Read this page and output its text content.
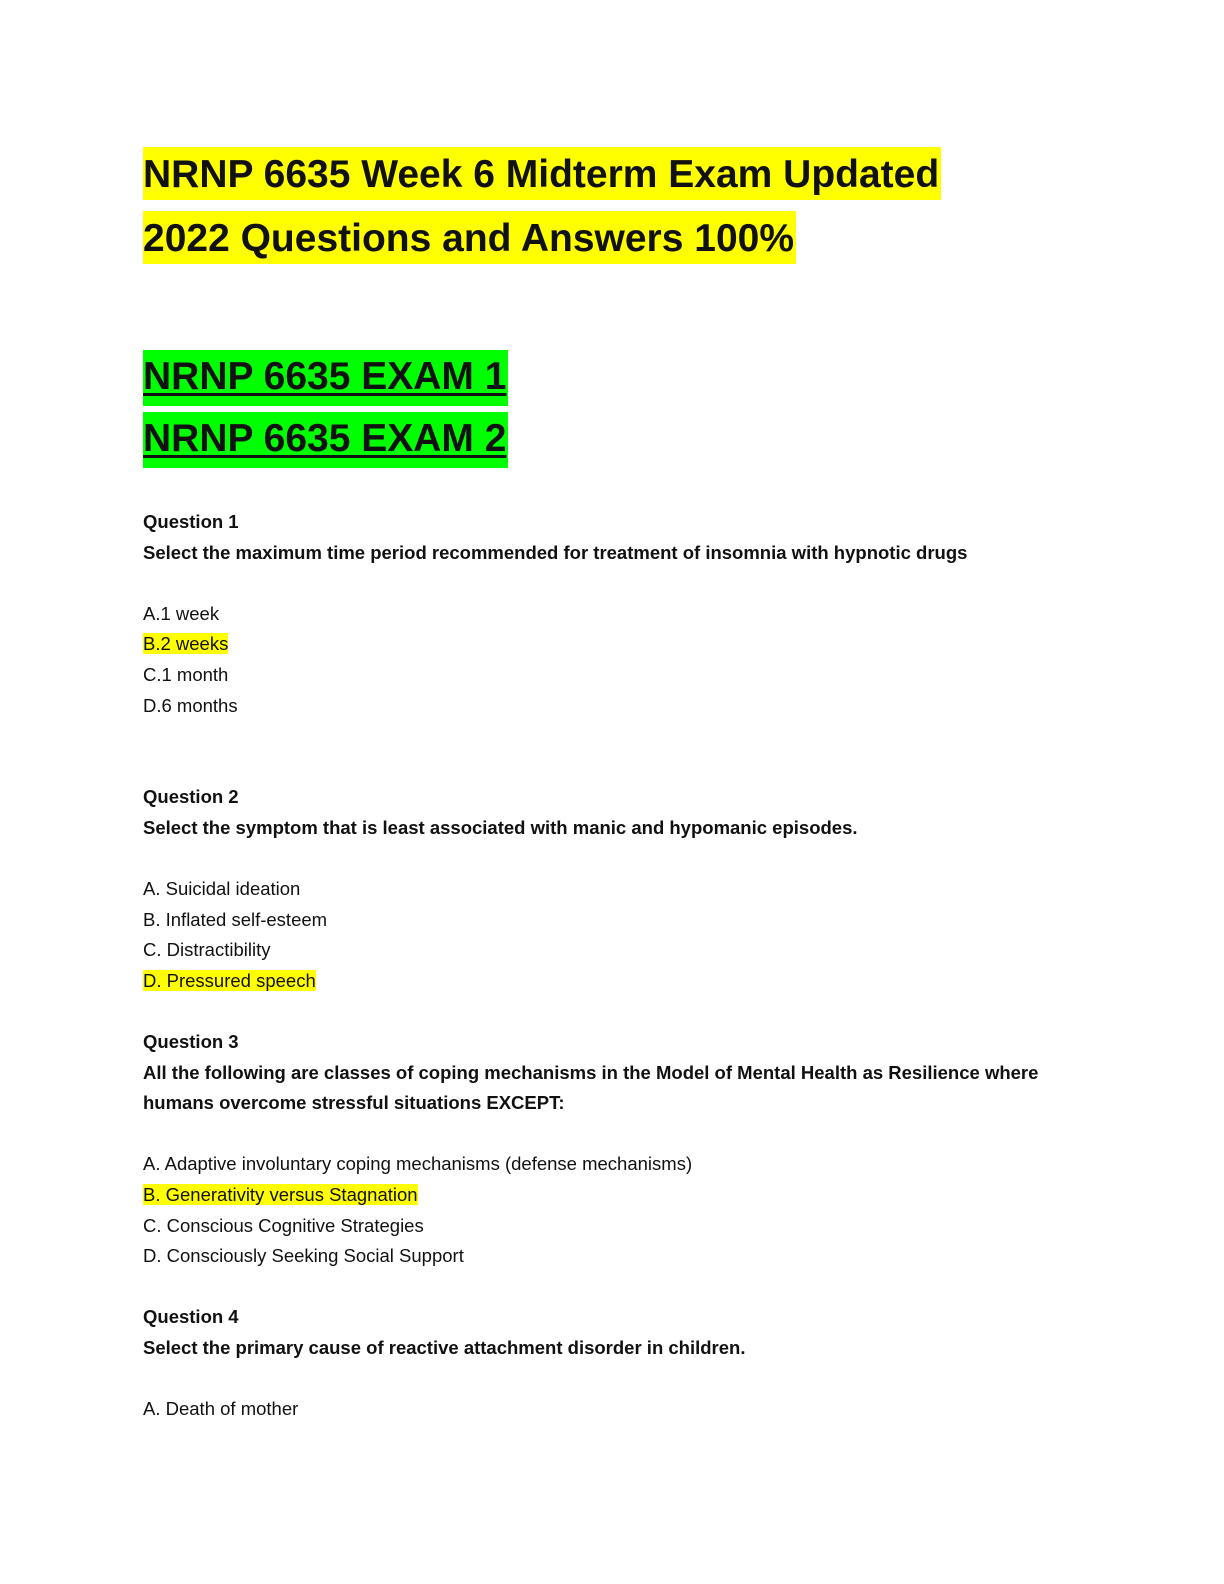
NRNP 6635 Week 6 Midterm Exam Updated
2022 Questions and Answers 100%
NRNP 6635 EXAM 1
NRNP 6635 EXAM 2
Question 1
Select the maximum time period recommended for treatment of insomnia with hypnotic drugs
A.1 week
B.2 weeks
C.1 month
D.6 months
Question 2
Select the symptom that is least associated with manic and hypomanic episodes.
A. Suicidal ideation
B. Inflated self-esteem
C. Distractibility
D. Pressured speech
Question 3
All the following are classes of coping mechanisms in the Model of Mental Health as Resilience where humans overcome stressful situations EXCEPT:
A. Adaptive involuntary coping mechanisms (defense mechanisms)
B. Generativity versus Stagnation
C. Conscious Cognitive Strategies
D. Consciously Seeking Social Support
Question 4
Select the primary cause of reactive attachment disorder in children.
A. Death of mother
